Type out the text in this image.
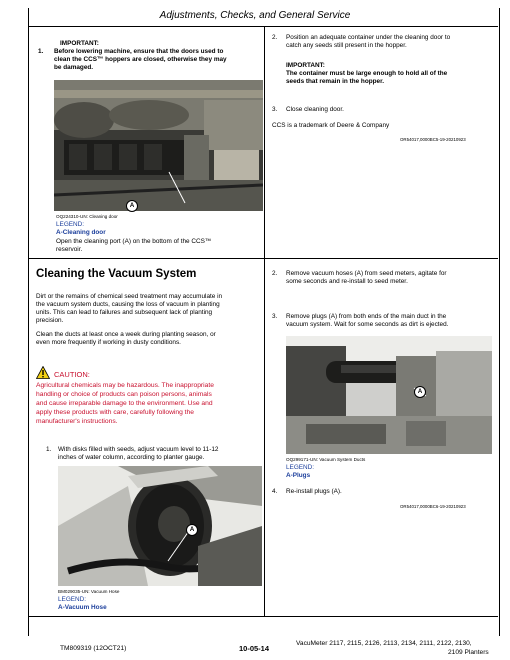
Adjustments, Checks, and General Service
IMPORTANT:
1. Before lowering machine, ensure that the doors used to
clean the CCS™ hoppers are closed, otherwise they may
be damaged.
A
OQ224310-UN: Cleaning door
LEGEND:
A-Cleaning door
Open the cleaning port (A) on the bottom of the CCS™
reservoir.
2. Position an adequate container under the cleaning door to
catch any seeds still present in the hopper.
IMPORTANT:
The container must be large enough to hold all of the
seeds that remain in the hopper.
3. Close cleaning door.
CCS is a trademark of Deere & Company
OR54017,0000BC5-19-20210923
Cleaning the Vacuum System
Dirt or the remains of chemical seed treatment may accumulate in
the vacuum system ducts, causing the loss of vacuum in planting
units. This can lead to failures and subsequent lack of planting
precision.
Clean the ducts at least once a week during planting season, or
even more frequently if working in dusty conditions.
CAUTION:
Agricultural chemicals may be hazardous. The inappropriate
handling or choice of products can poison persons, animals
and cause irreparable damage to the environment. Use and
apply these products with care, carefully following the
manufacturer's instructions.
1. With disks filled with seeds, adjust vacuum level to 11-12
inches of water column, according to planter gauge.
A
BM029035-UN: Vacuum Hose
LEGEND:
A-Vacuum Hose
2. Remove vacuum hoses (A) from seed meters, agitate for
some seconds and re-install to seed meter.
3. Remove plugs (A) from both ends of the main duct in the
vacuum system. Wait for some seconds as dirt is ejected.
A
OQ299171-UN: Vacuum System Ducts
LEGEND:
A-Plugs
4. Re-install plugs (A).
OR54017,0000BC6-19-20210923
TM809319 (12OCT21)	10-05-14
VacuMeter 2117, 2115, 2126, 2113, 2134, 2111, 2122, 2130,
2109 Planters
